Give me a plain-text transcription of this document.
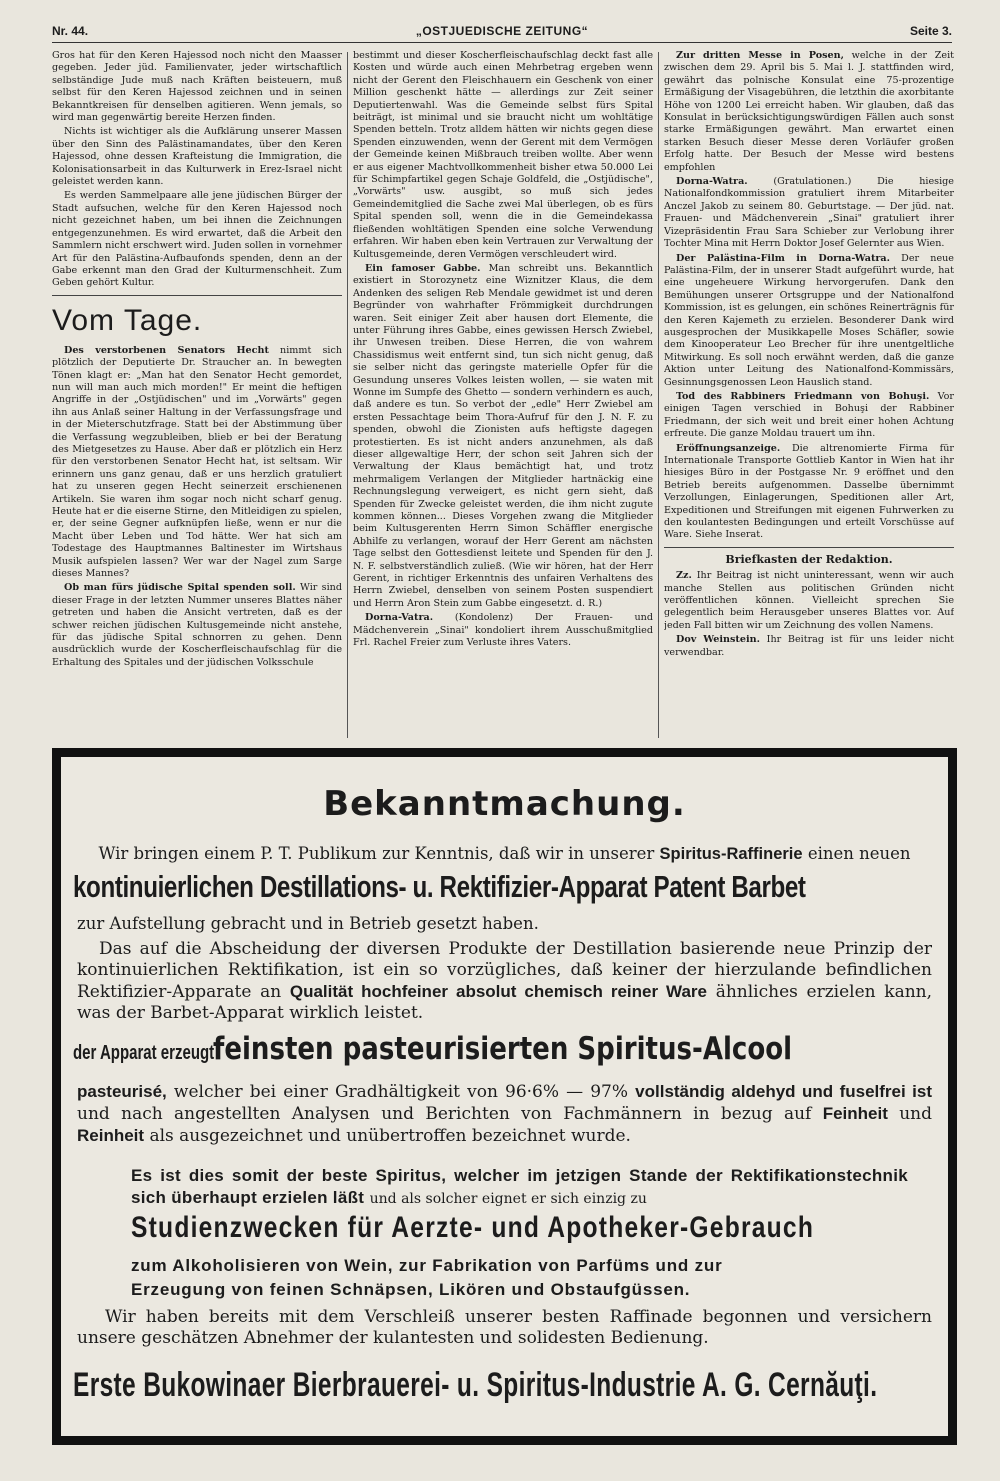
Nr. 44.	„OSTJUEDISCHE ZEITUNG“	Seite 3.

Gros hat für den Keren Hajessod noch nicht den Maasser gegeben. Jeder jüd. Familienvater, jeder wirtschaftlich selbständige Jude muß nach Kräften beisteuern, muß selbst für den Keren Hajessod zeichnen und in seinen Bekanntkreisen für denselben agitieren. Wenn jemals, so wird man gegenwärtig bereite Herzen finden.

Nichts ist wichtiger als die Aufklärung unserer Massen über den Sinn des Palästinamandates, über den Keren Hajessod, ohne dessen Krafteistung die Immigration, die Kolonisationsarbeit in das Kulturwerk in Erez-Israel nicht geleistet werden kann.

Es werden Sammelpaare alle jene jüdischen Bürger der Stadt aufsuchen, welche für den Keren Hajessod noch nicht gezeichnet haben, um bei ihnen die Zeichnungen entgegenzunehmen. Es wird erwartet, daß die Arbeit den Sammlern nicht erschwert wird. Juden sollen in vornehmer Art für den Palästina-Aufbaufonds spenden, denn an der Gabe erkennt man den Grad der Kulturmenschheit. Zum Geben gehört Kultur.

Vom Tage.

Des verstorbenen Senators Hecht nimmt sich plötzlich der Deputierte Dr. Straucher an. In bewegten Tönen klagt er: „Man hat den Senator Hecht gemordet, nun will man auch mich morden!" Er meint die heftigen Angriffe in der „Ostjüdischen" und im „Vorwärts" gegen ihn aus Anlaß seiner Haltung in der Verfassungsfrage und in der Mieterschutzfrage. Statt bei der Abstimmung über die Verfassung wegzubleiben, blieb er bei der Beratung des Mietgesetzes zu Hause. Aber daß er plötzlich ein Herz für den verstorbenen Senator Hecht hat, ist seltsam. Wir erinnern uns ganz genau, daß er uns herzlich gratuliert hat zu unseren gegen Hecht seinerzeit erschienenen Artikeln. Sie waren ihm sogar noch nicht scharf genug. Heute hat er die eiserne Stirne, den Mitleidigen zu spielen, er, der seine Gegner aufknüpfen ließe, wenn er nur die Macht über Leben und Tod hätte. Wer hat sich am Todestage des Hauptmannes Baltinester im Wirtshaus Musik aufspielen lassen? Wer war der Nagel zum Sarge dieses Mannes?

Ob man fürs jüdische Spital spenden soll. Wir sind dieser Frage in der letzten Nummer unseres Blattes näher getreten und haben die Ansicht vertreten, daß es der schwer reichen jüdischen Kultusgemeinde nicht anstehe, für das jüdische Spital schnorren zu gehen. Denn ausdrücklich wurde der Koscherfleischaufschlag für die Erhaltung des Spitales und der jüdischen Volksschule

bestimmt und dieser Koscherfleischaufschlag deckt fast alle Kosten und würde auch einen Mehrbetrag ergeben wenn nicht der Gerent den Fleischhauern ein Geschenk von einer Million geschenkt hätte — allerdings zur Zeit seiner Deputiertenwahl. Was die Gemeinde selbst fürs Spital beiträgt, ist minimal und sie braucht nicht um wohltätige Spenden betteln. Trotz alldem hätten wir nichts gegen diese Spenden einzuwenden, wenn der Gerent mit dem Vermögen der Gemeinde keinen Mißbrauch treiben wollte. Aber wenn er aus eigener Machtvollkommenheit bisher etwa 50.000 Lei für Schimpfartikel gegen Schaje Goldfeld, die „Ostjüdische", „Vorwärts" usw. ausgibt, so muß sich jedes Gemeindemitglied die Sache zwei Mal überlegen, ob es fürs Spital spenden soll, wenn die in die Gemeindekassa fließenden wohltätigen Spenden eine solche Verwendung erfahren. Wir haben eben kein Vertrauen zur Verwaltung der Kultusgemeinde, deren Vermögen verschleudert wird.

Ein famoser Gabbe. Man schreibt uns. Bekanntlich existiert in Storozynetz eine Wiznitzer Klaus, die dem Andenken des seligen Reb Mendale gewidmet ist und deren Begründer von wahrhafter Frömmigkeit durchdrungen waren. Seit einiger Zeit aber hausen dort Elemente, die unter Führung ihres Gabbe, eines gewissen Hersch Zwiebel, ihr Unwesen treiben. Diese Herren, die von wahrem Chassidismus weit entfernt sind, tun sich nicht genug, daß sie selber nicht das geringste materielle Opfer für die Gesundung unseres Volkes leisten wollen, — sie waten mit Wonne im Sumpfe des Ghetto — sondern verhindern es auch, daß andere es tun. So verbot der „edle" Herr Zwiebel am ersten Pessachtage beim Thora-Aufruf für den J. N. F. zu spenden, obwohl die Zionisten aufs heftigste dagegen protestierten. Es ist nicht anders anzunehmen, als daß dieser allgewaltige Herr, der schon seit Jahren sich der Verwaltung der Klaus bemächtigt hat, und trotz mehrmaligem Verlangen der Mitglieder hartnäckig eine Rechnungslegung verweigert, es nicht gern sieht, daß Spenden für Zwecke geleistet werden, die ihm nicht zugute kommen können... Dieses Vorgehen zwang die Mitglieder beim Kultusgerenten Herrn Simon Schäffler energische Abhilfe zu verlangen, worauf der Herr Gerent am nächsten Tage selbst den Gottesdienst leitete und Spenden für den J. N. F. selbstverständlich zuließ. (Wie wir hören, hat der Herr Gerent, in richtiger Erkenntnis des unfairen Verhaltens des Herrn Zwiebel, denselben von seinem Posten suspendiert und Herrn Aron Stein zum Gabbe eingesetzt. d. R.)

Dorna-Vatra. (Kondolenz) Der Frauen- und Mädchenverein „Sinai" kondoliert ihrem Ausschußmitglied Frl. Rachel Freier zum Verluste ihres Vaters.

Zur dritten Messe in Posen, welche in der Zeit zwischen dem 29. April bis 5. Mai l. J. stattfinden wird, gewährt das polnische Konsulat eine 75-prozentige Ermäßigung der Visagebühren, die letzthin die axorbitante Höhe von 1200 Lei erreicht haben. Wir glauben, daß das Konsulat in berücksichtigungswürdigen Fällen auch sonst starke Ermäßigungen gewährt. Man erwartet einen starken Besuch dieser Messe deren Vorläufer großen Erfolg hatte. Der Besuch der Messe wird bestens empfohlen

Dorna-Watra.	(Gratulationen.) Die hiesige Nationalfondkommission gratuliert ihrem Mitarbeiter Anczel Jakob zu seinem 80. Geburtstage. — Der jüd. nat. Frauen- und Mädchenverein „Sinai" gratuliert ihrer Vizepräsidentin Frau Sara Schieber zur Verlobung ihrer Tochter Mina mit Herrn Doktor Josef Gelernter aus Wien.

Der Palästina-Film in Dorna-Watra. Der neue Palästina-Film, der in unserer Stadt aufgeführt wurde, hat eine ungeheuere Wirkung hervorgerufen. Dank den Bemühungen unserer Ortsgruppe und der Nationalfond Kommission, ist es gelungen, ein schönes Reinerträgnis für den Keren Kajemeth zu erzielen. Besonderer Dank wird ausgesprochen der Musikkapelle Moses Schäfler, sowie dem Kinooperateur Leo Brecher für ihre unentgeltliche Mitwirkung. Es soll noch erwähnt werden, daß die ganze Aktion unter Leitung des Nationalfond-Kommissärs, Gesinnungsgenossen Leon Hauslich stand.

Tod des Rabbiners Friedmann von Bohuşi. Vor einigen Tagen verschied in Bohuşi der Rabbiner Friedmann, der sich weit und breit einer hohen Achtung erfreute. Die ganze Moldau trauert um ihn.

Eröffnungsanzeige. Die altrenomierte Firma für Internationale Transporte Gottlieb Kantor in Wien hat ihr hiesiges Büro in der Postgasse Nr. 9 eröffnet und den Betrieb bereits aufgenommen. Dasselbe übernimmt Verzollungen, Einlagerungen, Speditionen aller Art, Expeditionen und Streifungen mit eigenen Fuhrwerken zu den koulantesten Bedingungen und erteilt Vorschüsse auf Ware. Siehe Inserat.

Briefkasten der Redaktion.

Zz. Ihr Beitrag ist nicht uninteressant, wenn wir auch manche Stellen aus politischen Gründen nicht veröffentlichen können. Vielleicht sprechen Sie gelegentlich beim Herausgeber unseres Blattes vor. Auf jeden Fall bitten wir um Zeichnung des vollen Namens.

Dov Weinstein. Ihr Beitrag ist für uns leider nicht verwendbar.

Bekanntmachung.
Wir bringen einem P. T. Publikum zur Kenntnis, daß wir in unserer Spiritus-Raffinerie einen neuen
kontinuierlichen Destillations- u. Rektifizier-Apparat Patent Barbet
zur Aufstellung gebracht und in Betrieb gesetzt haben.

Das auf die Abscheidung der diversen Produkte der Destillation basierende neue Prinzip der kontinuierlichen Rektifikation, ist ein so vorzügliches, daß keiner der hierzulande befindlichen Rektifizier-Apparate an Qualität hochfeiner absolut chemisch reiner Ware ähnliches erzielen kann, was der Barbet-Apparat wirklich leistet.

der Apparat erzeugt feinsten pasteurisierten Spiritus-Alcool

pasteurisé, welcher bei einer Gradhältigkeit von 96·6% — 97% vollständig aldehyd und fuselfrei ist und nach angestellten Analysen und Berichten von Fachmännern in bezug auf Feinheit und Reinheit als ausgezeichnet und unübertroffen bezeichnet wurde.

Es ist dies somit der beste Spiritus, welcher im jetzigen Stande der Rektifikationstechnik sich überhaupt erzielen läßt und als solcher eignet er sich einzig zu

Studienzwecken für Aerzte- und Apotheker-Gebrauch
zum Alkoholisieren von Wein, zur Fabrikation von Parfüms und zur
Erzeugung von feinen Schnäpsen, Likören und Obstaufgüssen.

Wir haben bereits mit dem Verschleiß unserer besten Raffinade begonnen und versichern unsere geschätzen Abnehmer der kulantesten und solidesten Bedienung.

Erste Bukowinaer Bierbrauerei- u. Spiritus-Industrie A. G. Cernăuţi.
